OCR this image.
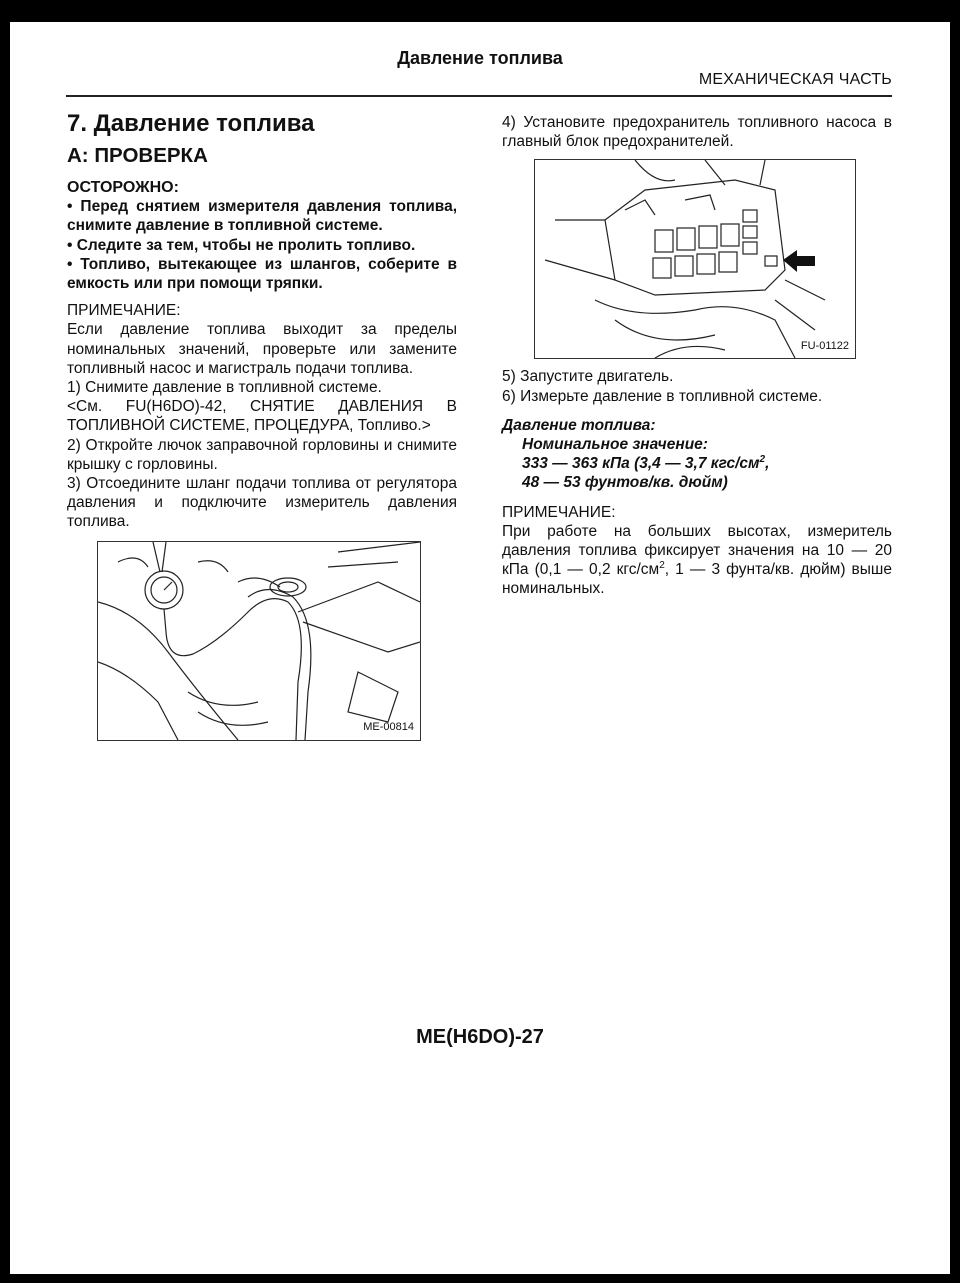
Давление топлива
МЕХАНИЧЕСКАЯ ЧАСТЬ
7. Давление топлива
A: ПРОВЕРКА
ОСТОРОЖНО:

• Перед снятием измерителя давления топлива, снимите давление в топливной системе.

• Следите за тем, чтобы не пролить топливо.

• Топливо, вытекающее из шлангов, соберите в емкость или при помощи тряпки.

ПРИМЕЧАНИЕ:

Если давление топлива выходит за пределы номинальных значений, проверьте или замените топливный насос и магистраль подачи топлива.

1) Снимите давление в топливной системе.

<См. FU(H6DO)-42, СНЯТИЕ ДАВЛЕНИЯ В ТОПЛИВНОЙ СИСТЕМЕ, ПРОЦЕДУРА, Топливо.>

2) Откройте лючок заправочной горловины и снимите крышку с горловины.

3) Отсоедините шланг подачи топлива от регулятора давления и подключите измеритель давления топлива.

ME-00814

4) Установите предохранитель топливного насоса в главный блок предохранителей.

FU-01122

5) Запустите двигатель.

6) Измерьте давление в топливной системе.

Давление топлива:
Номинальное значение:
333 — 363 кПа (3,4 — 3,7 кгс/$см^2$,
48 — 53 фунтов/кв. дюйм)
ПРИМЕЧАНИЕ:

При работе на больших высотах, измеритель давления топлива фиксирует значения на 10 — 20 кПа (0,1 — 0,2 кгс/$см^2$, 1 — 3 фунта/кв. дюйм) выше номинальных.

ME(H6DO)-27
